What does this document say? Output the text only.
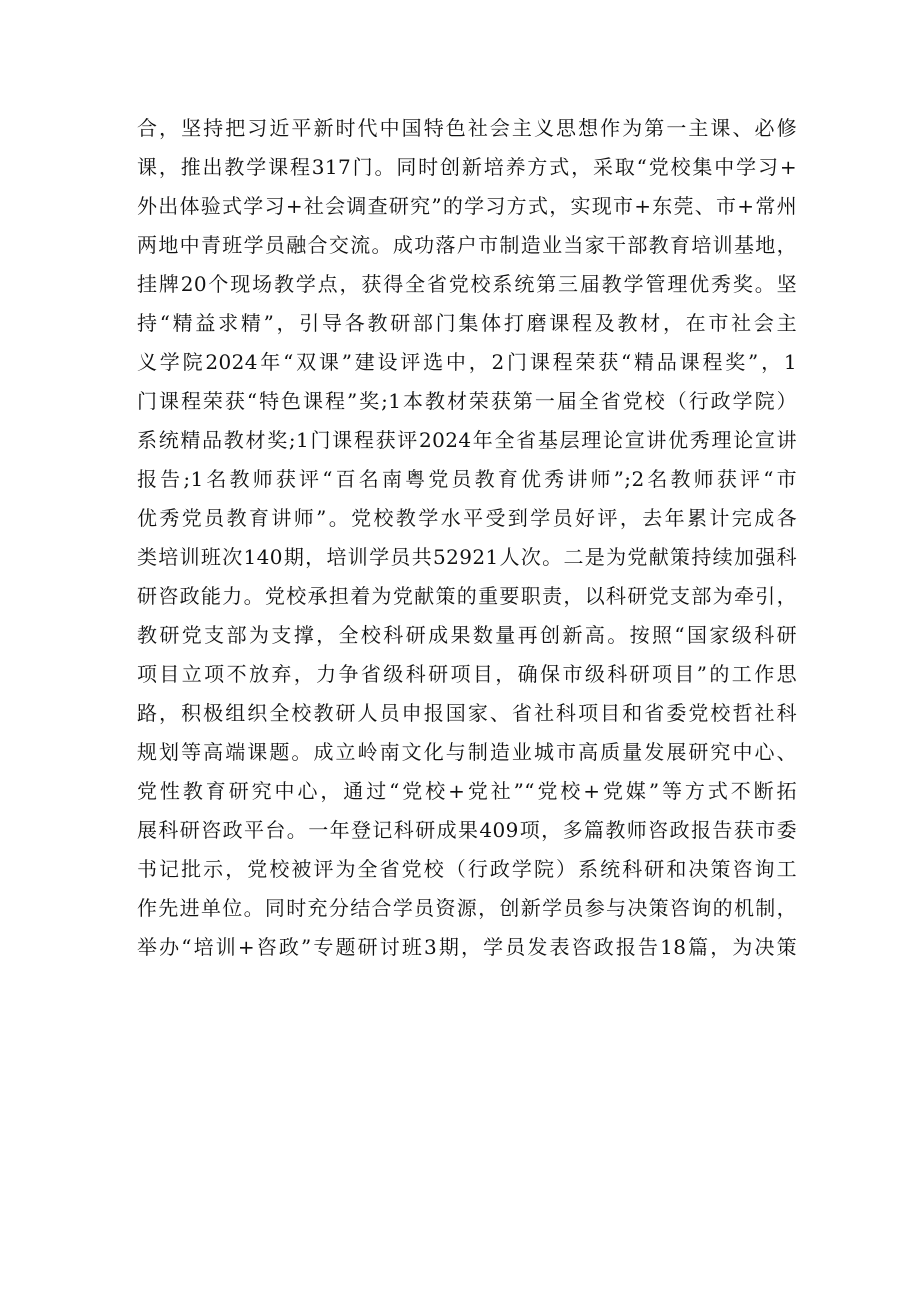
合，坚持把习近平新时代中国特色社会主义思想作为第一主课、必修
课，推出教学课程317门。同时创新培养方式，采取“党校集中学习+
外出体验式学习+社会调查研究”的学习方式，实现市+东莞、市+常州
两地中青班学员融合交流。成功落户市制造业当家干部教育培训基地，
挂牌20个现场教学点，获得全省党校系统第三届教学管理优秀奖。坚
持“精益求精”，引导各教研部门集体打磨课程及教材，在市社会主
义学院2024年“双课”建设评选中，2门课程荣获“精品课程奖”，1
门课程荣获“特色课程”奖;1本教材荣获第一届全省党校（行政学院）
系统精品教材奖;1门课程获评2024年全省基层理论宣讲优秀理论宣讲
报告;1名教师获评“百名南粤党员教育优秀讲师”;2名教师获评“市
优秀党员教育讲师”。党校教学水平受到学员好评，去年累计完成各
类培训班次140期，培训学员共52921人次。二是为党献策持续加强科
研咨政能力。党校承担着为党献策的重要职责，以科研党支部为牵引，
教研党支部为支撑，全校科研成果数量再创新高。按照“国家级科研
项目立项不放弃，力争省级科研项目，确保市级科研项目”的工作思
路，积极组织全校教研人员申报国家、省社科项目和省委党校哲社科
规划等高端课题。成立岭南文化与制造业城市高质量发展研究中心、
党性教育研究中心，通过“党校+党社”“党校+党媒”等方式不断拓
展科研咨政平台。一年登记科研成果409项，多篇教师咨政报告获市委
书记批示，党校被评为全省党校（行政学院）系统科研和决策咨询工
作先进单位。同时充分结合学员资源，创新学员参与决策咨询的机制，
举办“培训+咨政”专题研讨班3期，学员发表咨政报告18篇，为决策
